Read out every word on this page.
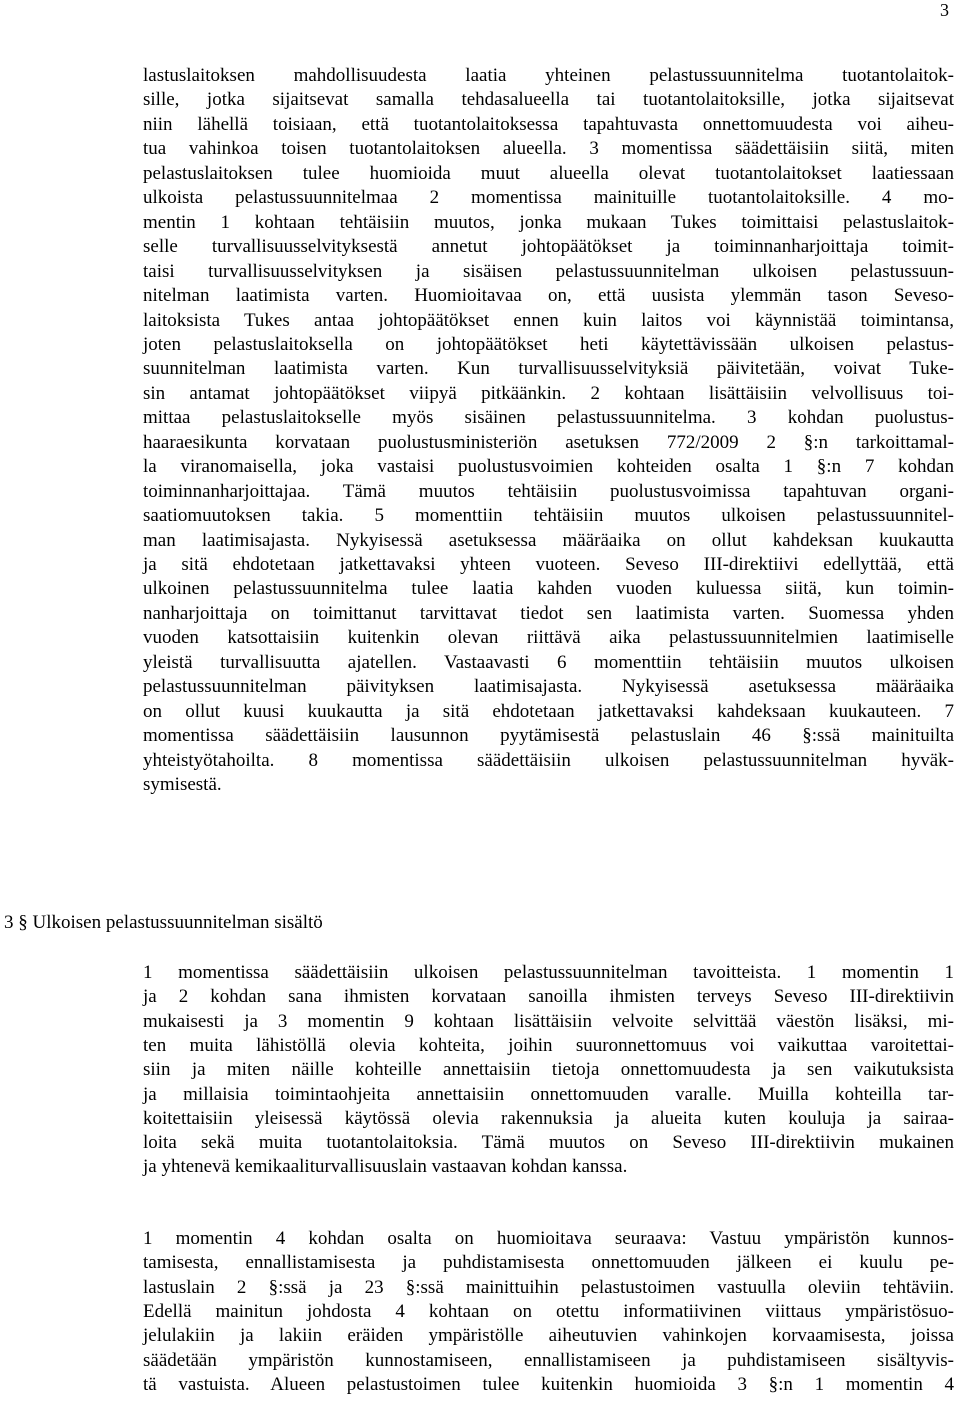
3
lastuslaitoksen mahdollisuudesta laatia yhteinen pelastussuunnitelma tuotantolaitok-
sille, jotka sijaitsevat samalla tehdasalueella tai tuotantolaitoksille, jotka sijaitsevat
niin lähellä toisiaan, että tuotantolaitoksessa tapahtuvasta onnettomuudesta voi aiheu-
tua vahinkoa toisen tuotantolaitoksen alueella. 3 momentissa säädettäisiin siitä, miten
pelastuslaitoksen tulee huomioida muut alueella olevat tuotantolaitokset laatiessaan
ulkoista pelastussuunnitelmaa 2 momentissa mainituille tuotantolaitoksille. 4 mo-
mentin 1 kohtaan tehtäisiin muutos, jonka mukaan Tukes toimittaisi pelastuslaitok-
selle turvallisuusselvityksestä annetut johtopäätökset ja toiminnanharjoittaja toimit-
taisi turvallisuusselvityksen ja sisäisen pelastussuunnitelman ulkoisen pelastussuun-
nitelman laatimista varten. Huomioitavaa on, että uusista ylemmän tason Seveso-
laitoksista Tukes antaa johtopäätökset ennen kuin laitos voi käynnistää toimintansa,
joten pelastuslaitoksella on johtopäätökset heti käytettävissään ulkoisen pelastus-
suunnitelman laatimista varten. Kun turvallisuusselvityksiä päivitetään, voivat Tuke-
sin antamat johtopäätökset viipyä pitkäänkin. 2 kohtaan lisättäisiin velvollisuus toi-
mittaa pelastuslaitokselle myös sisäinen pelastussuunnitelma. 3 kohdan puolustus-
haaraesikunta korvataan puolustusministeriön asetuksen 772/2009 2 §:n tarkoittamal-
la viranomaisella, joka vastaisi puolustusvoimien kohteiden osalta 1 §:n 7 kohdan
toiminnanharjoittajaa. Tämä muutos tehtäisiin puolustusvoimissa tapahtuvan organi-
saatiomuutoksen takia. 5 momenttiin tehtäisiin muutos ulkoisen pelastussuunnitel-
man laatimisajasta. Nykyisessä asetuksessa määräaika on ollut kahdeksan kuukautta
ja sitä ehdotetaan jatkettavaksi yhteen vuoteen. Seveso III-direktiivi edellyttää, että
ulkoinen pelastussuunnitelma tulee laatia kahden vuoden kuluessa siitä, kun toimin-
nanharjoittaja on toimittanut tarvittavat tiedot sen laatimista varten. Suomessa yhden
vuoden katsottaisiin kuitenkin olevan riittävä aika pelastussuunnitelmien laatimiselle
yleistä turvallisuutta ajatellen. Vastaavasti 6 momenttiin tehtäisiin muutos ulkoisen
pelastussuunnitelman päivityksen laatimisajasta. Nykyisessä asetuksessa määräaika
on ollut kuusi kuukautta ja sitä ehdotetaan jatkettavaksi kahdeksaan kuukauteen. 7
momentissa säädettäisiin lausunnon pyytämisestä pelastuslain 46 §:ssä mainituilta
yhteistyötahoilta. 8 momentissa säädettäisiin ulkoisen pelastussuunnitelman hyväk-
symisestä.
3 § Ulkoisen pelastussuunnitelman sisältö
1 momentissa säädettäisiin ulkoisen pelastussuunnitelman tavoitteista. 1 momentin 1
ja 2 kohdan sana ihmisten korvataan sanoilla ihmisten terveys Seveso III-direktiivin
mukaisesti ja 3 momentin 9 kohtaan lisättäisiin velvoite selvittää väestön lisäksi, mi-
ten muita lähistöllä olevia kohteita, joihin suuronnettomuus voi vaikuttaa varoitettai-
siin ja miten näille kohteille annettaisiin tietoja onnettomuudesta ja sen vaikutuksista
ja millaisia toimintaohjeita annettaisiin onnettomuuden varalle. Muilla kohteilla tar-
koitettaisiin yleisessä käytössä olevia rakennuksia ja alueita kuten kouluja ja sairaa-
loita sekä muita tuotantolaitoksia. Tämä muutos on Seveso III-direktiivin mukainen
ja yhtenevä kemikaaliturvallisuuslain vastaavan kohdan kanssa.
1 momentin 4 kohdan osalta on huomioitava seuraava: Vastuu ympäristön kunnos-
tamisesta, ennallistamisesta ja puhdistamisesta onnettomuuden jälkeen ei kuulu pe-
lastuslain 2 §:ssä ja 23 §:ssä mainittuihin pelastustoimen vastuulla oleviin tehtäviin.
Edellä mainitun johdosta 4 kohtaan on otettu informatiivinen viittaus ympäristösuo-
jelulakiin ja lakiin eräiden ympäristölle aiheutuvien vahinkojen korvaamisesta, joissa
säädetään ympäristön kunnostamiseen, ennallistamiseen ja puhdistamiseen sisältyvis-
tä vastuista. Alueen pelastustoimen tulee kuitenkin huomioida 3 §:n 1 momentin 4
